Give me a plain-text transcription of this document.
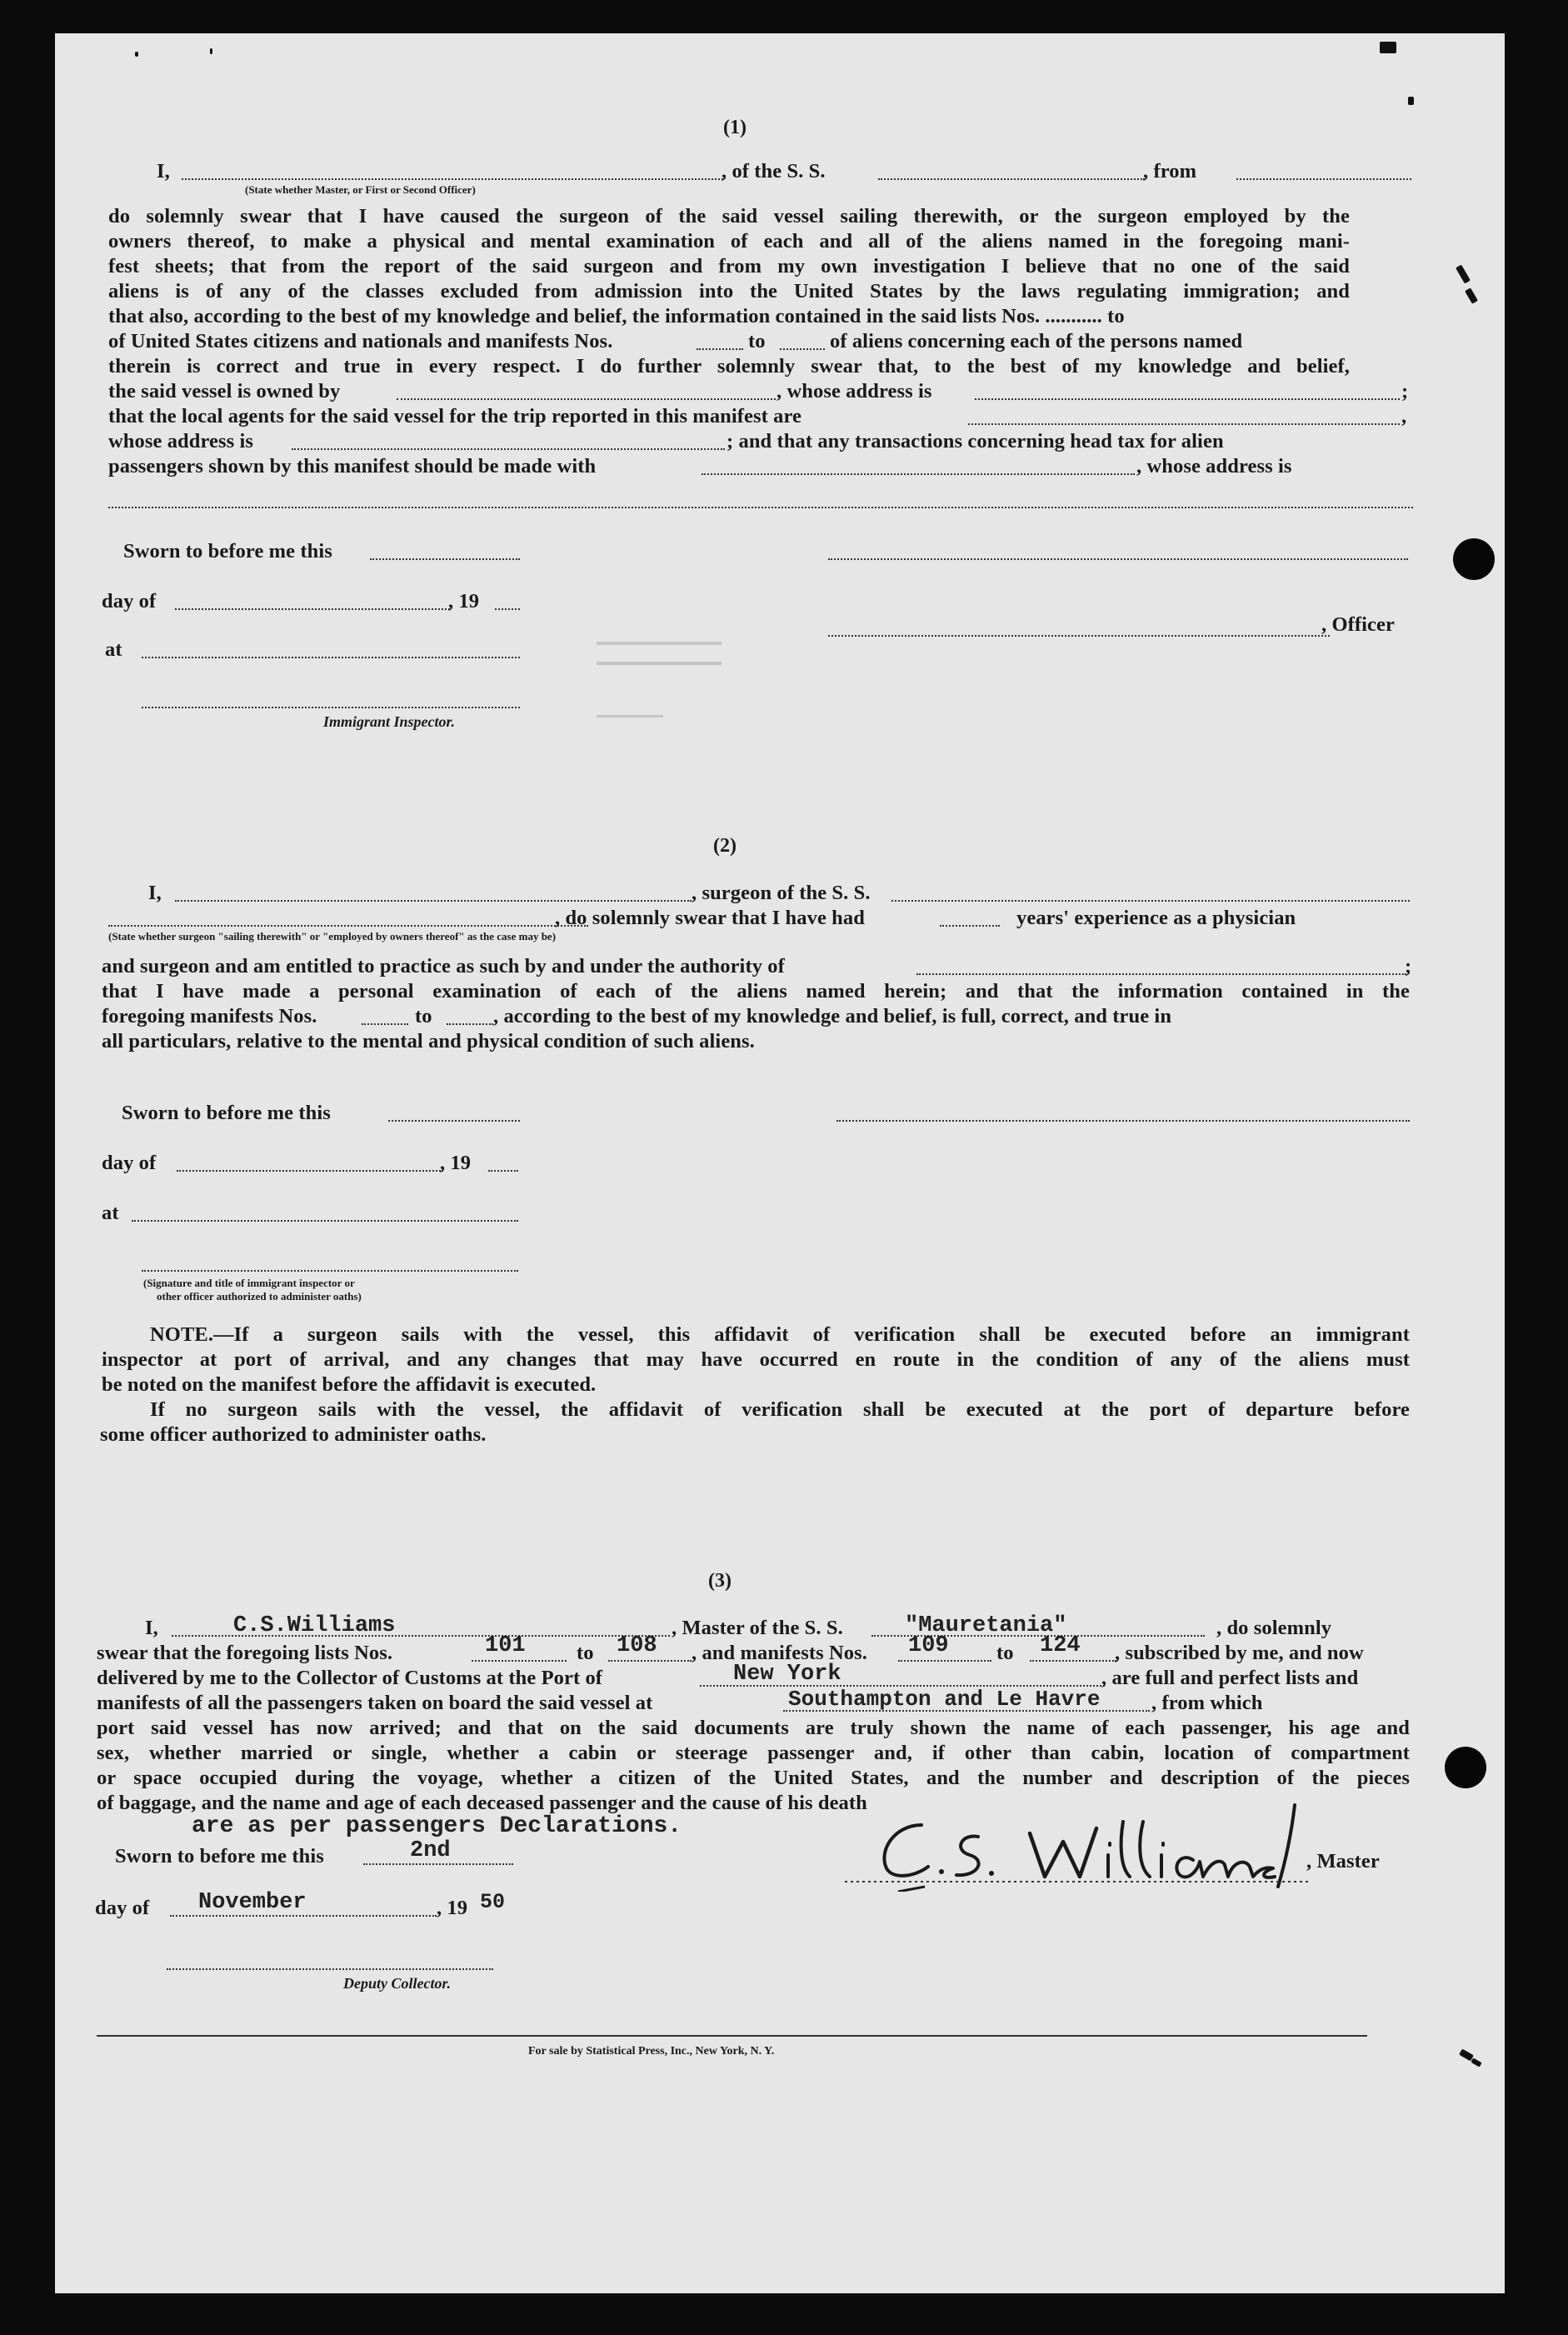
(1)
I,
(State whether Master, or First or Second Officer)
, of the S. S.	, from
do solemnly swear that I have caused the surgeon of the said vessel sailing therewith, or the surgeon employed by the
owners thereof, to make a physical and mental examination of each and all of the aliens named in the foregoing mani-
fest sheets; that from the report of the said surgeon and from my own investigation I believe that no one of the said
aliens is of any of the classes excluded from admission into the United States by the laws regulating immigration; and
that also, according to the best of my knowledge and belief, the information contained in the said lists Nos. ........... to
of United States citizens and nationals and manifests Nos.	to	of aliens concerning each of the persons named
therein is correct and true in every respect. I do further solemnly swear that, to the best of my knowledge and belief,
the said vessel is owned by	, whose address is	;
that the local agents for the said vessel for the trip reported in this manifest are	,
whose address is	; and that any transactions concerning head tax for alien
passengers shown by this manifest should be made with	, whose address is
Sworn to before me this
day of	, 19
, Officer
at
Immigrant Inspector.
(2)
I,	, surgeon of the S. S.
, do solemnly swear that I have had	years' experience as a physician
(State whether surgeon "sailing therewith" or "employed by owners thereof" as the case may be)
and surgeon and am entitled to practice as such by and under the authority of	;
that I have made a personal examination of each of the aliens named herein; and that the information contained in the
foregoing manifests Nos.	to	, according to the best of my knowledge and belief, is full, correct, and true in
all particulars, relative to the mental and physical condition of such aliens.
Sworn to before me this
day of	, 19
at
(Signature and title of immigrant inspector or
other officer authorized to administer oaths)
NOTE.—If a surgeon sails with the vessel, this affidavit of verification shall be executed before an immigrant
inspector at port of arrival, and any changes that may have occurred en route in the condition of any of the aliens must
be noted on the manifest before the affidavit is executed.
If no surgeon sails with the vessel, the affidavit of verification shall be executed at the port of departure before
some officer authorized to administer oaths.
(3)
I,	C.S.Williams	, Master of the S. S.	"Mauretania"	, do solemnly
swear that the foregoing lists Nos.	101	to 108 , and manifests Nos. 109 to 124 , subscribed by me, and now
delivered by me to the Collector of Customs at the Port of	New York	, are full and perfect lists and
manifests of all the passengers taken on board the said vessel at	Southampton and Le Havre	, from which
port said vessel has now arrived; and that on the said documents are truly shown the name of each passenger, his age and
sex, whether married or single, whether a cabin or steerage passenger and, if other than cabin, location of compartment
or space occupied during the voyage, whether a citizen of the United States, and the number and description of the pieces
of baggage, and the name and age of each deceased passenger and the cause of his death
are as per passengers Declarations.
Sworn to before me this	2nd	, Master
day of November	, 19 50
Deputy Collector.
For sale by Statistical Press, Inc., New York, N. Y.
